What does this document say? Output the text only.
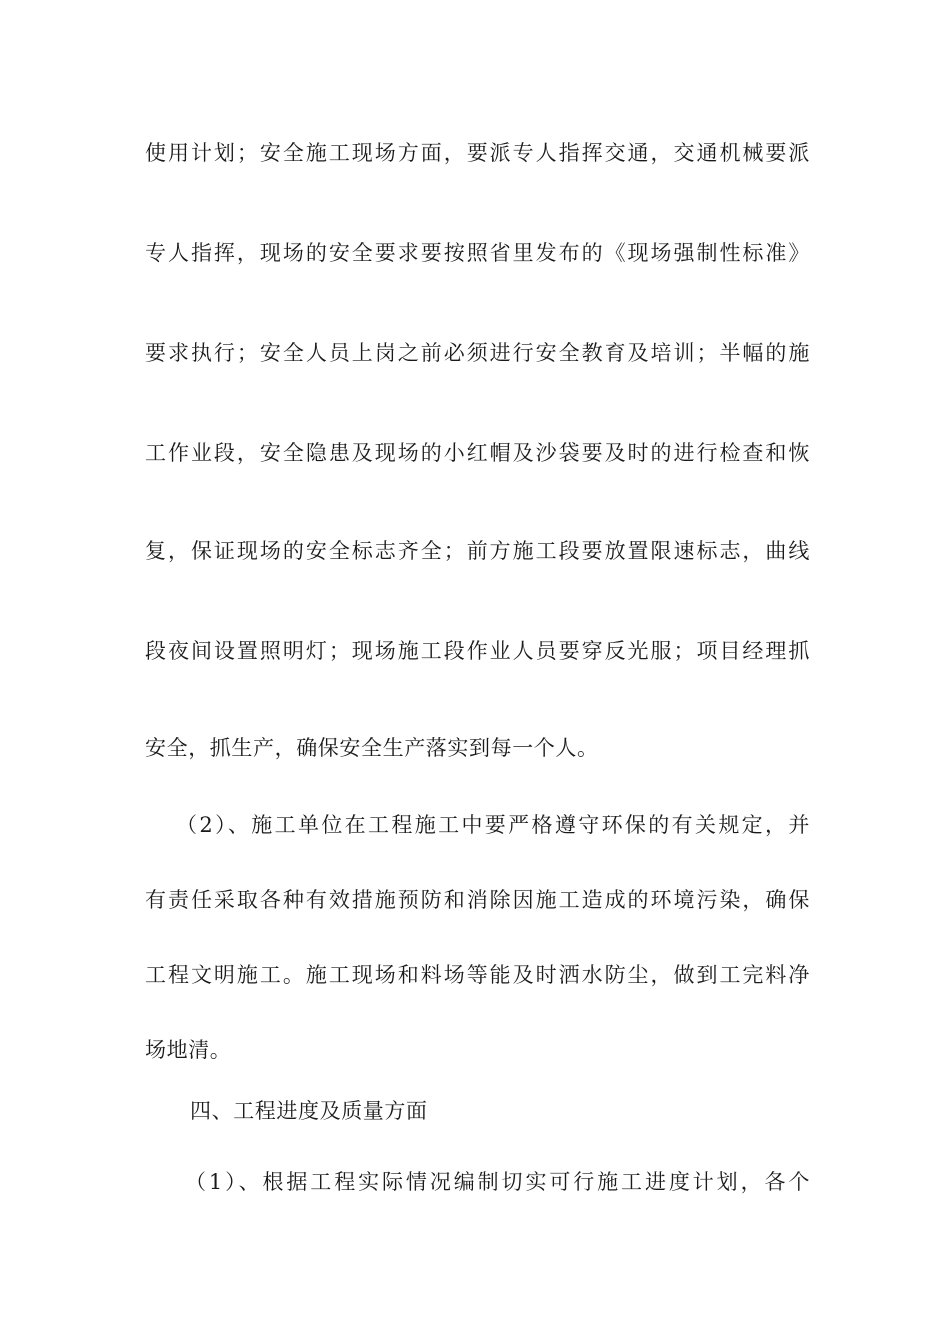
使用计划；安全施工现场方面，要派专人指挥交通，交通机械要派
专人指挥，现场的安全要求要按照省里发布的《现场强制性标准》
要求执行；安全人员上岗之前必须进行安全教育及培训；半幅的施
工作业段，安全隐患及现场的小红帽及沙袋要及时的进行检查和恢
复，保证现场的安全标志齐全；前方施工段要放置限速标志，曲线
段夜间设置照明灯；现场施工段作业人员要穿反光服；项目经理抓
安全，抓生产，确保安全生产落实到每一个人。
（2）、施工单位在工程施工中要严格遵守环保的有关规定，并
有责任采取各种有效措施预防和消除因施工造成的环境污染，确保
工程文明施工。施工现场和料场等能及时洒水防尘，做到工完料净
场地清。
四、工程进度及质量方面
（1）、根据工程实际情况编制切实可行施工进度计划，各个
